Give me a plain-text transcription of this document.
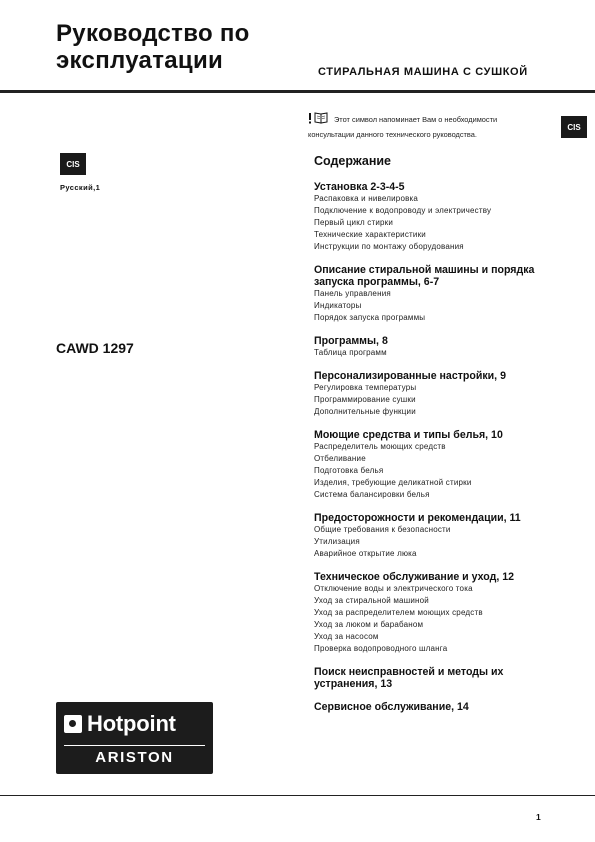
Руководство по
эксплуатации	СТИРАЛЬНАЯ МАШИНА С СУШКОЙ
Этот символ напоминает Вам о необходимости
консультации данного технического руководства.
CIS
CIS
Русский,1
CAWD 1297
Содержание
Установка 2-3-4-5
Распаковка и нивелировка
Подключение к водопроводу и электричеству
Первый цикл стирки
Технические характеристики
Инструкции по монтажу оборудования
Описание стиральной машины и порядка запуска программы, 6-7
Панель управления
Индикаторы
Порядок запуска программы
Программы, 8
Таблица программ
Персонализированные настройки, 9
Регулировка температуры
Программирование сушки
Дополнительные функции
Моющие средства и типы белья, 10
Распределитель моющих средств
Отбеливание
Подготовка белья
Изделия, требующие деликатной стирки
Система балансировки белья
Предосторожности и рекомендации, 11
Общие требования к безопасности
Утилизация
Аварийное открытие люка
Техническое обслуживание и уход, 12
Отключение воды и электрического тока
Уход за стиральной машиной
Уход за распределителем моющих средств
Уход за люком и барабаном
Уход за насосом
Проверка водопроводного шланга
Поиск неисправностей и методы их устранения, 13
Сервисное обслуживание, 14
Hotpoint
ARISTON
1
